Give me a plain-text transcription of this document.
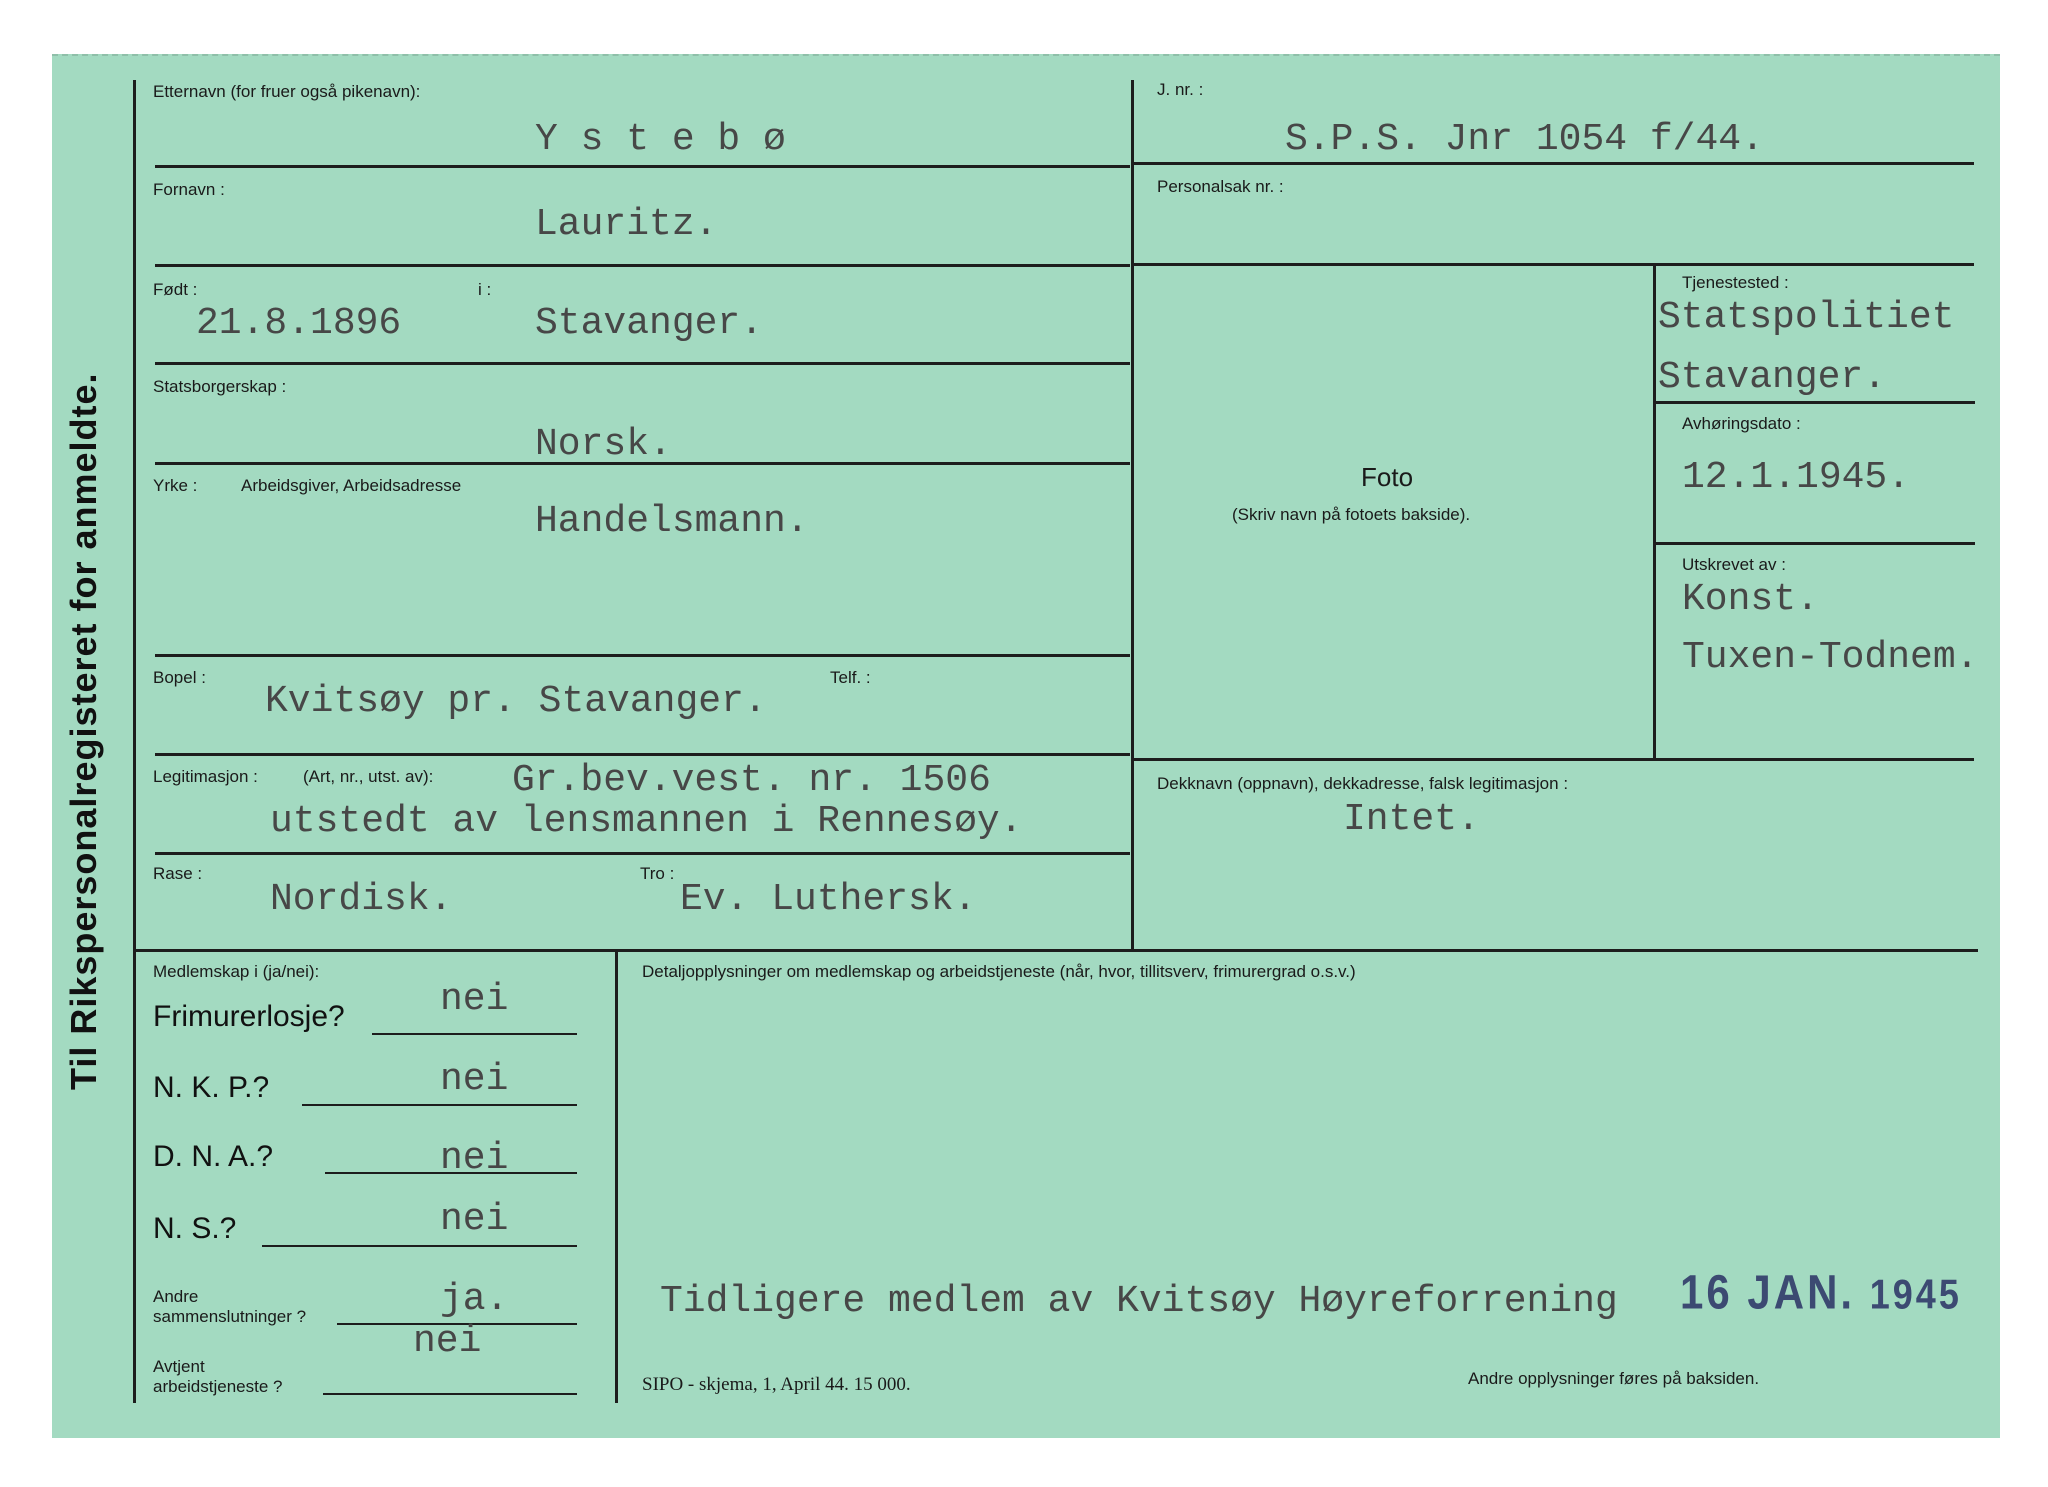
Til Rikspersonalregisteret for anmeldte.
Etternavn (for fruer også pikenavn):
Y s t e b ø
Fornavn :
Lauritz.
Født :
21.8.1896
i :
Stavanger.
Statsborgerskap :
Norsk.
Yrke :	Arbeidsgiver, Arbeidsadresse
Handelsmann.
Bopel :
Kvitsøy pr. Stavanger.
Telf. :
Legitimasjon :	(Art, nr., utst. av): Gr.bev.vest. nr. 1506
utstedt av lensmannen i Rennesøy.
Rase :
Nordisk.
Tro :
Ev. Luthersk.
J. nr. :
S.P.S. Jnr 1054 f/44.
Personalsak nr. :
Foto
(Skriv navn på fotoets bakside).
Tjenestested :
Statspolitiet
Stavanger.
Avhøringsdato :
12.1.1945.
Utskrevet av :
Konst.
Tuxen-Todnem.
Dekknavn (oppnavn), dekkadresse, falsk legitimasjon :
Intet.
Medlemskap i (ja/nei):
Frimurerlosje?	nei
N. K. P.?	nei
D. N. A.?	nei
N. S.?	nei
Andre
sammenslutninger ?	ja.
Avtjent
arbeidstjeneste ?
nei
Detaljopplysninger om medlemskap og arbeidstjeneste (når, hvor, tillitsverv, frimurergrad o.s.v.)
Tidligere medlem av Kvitsøy Høyreforrening 16 JAN. 1945
SIPO - skjema, 1, April 44. 15 000.	Andre opplysninger føres på baksiden.
